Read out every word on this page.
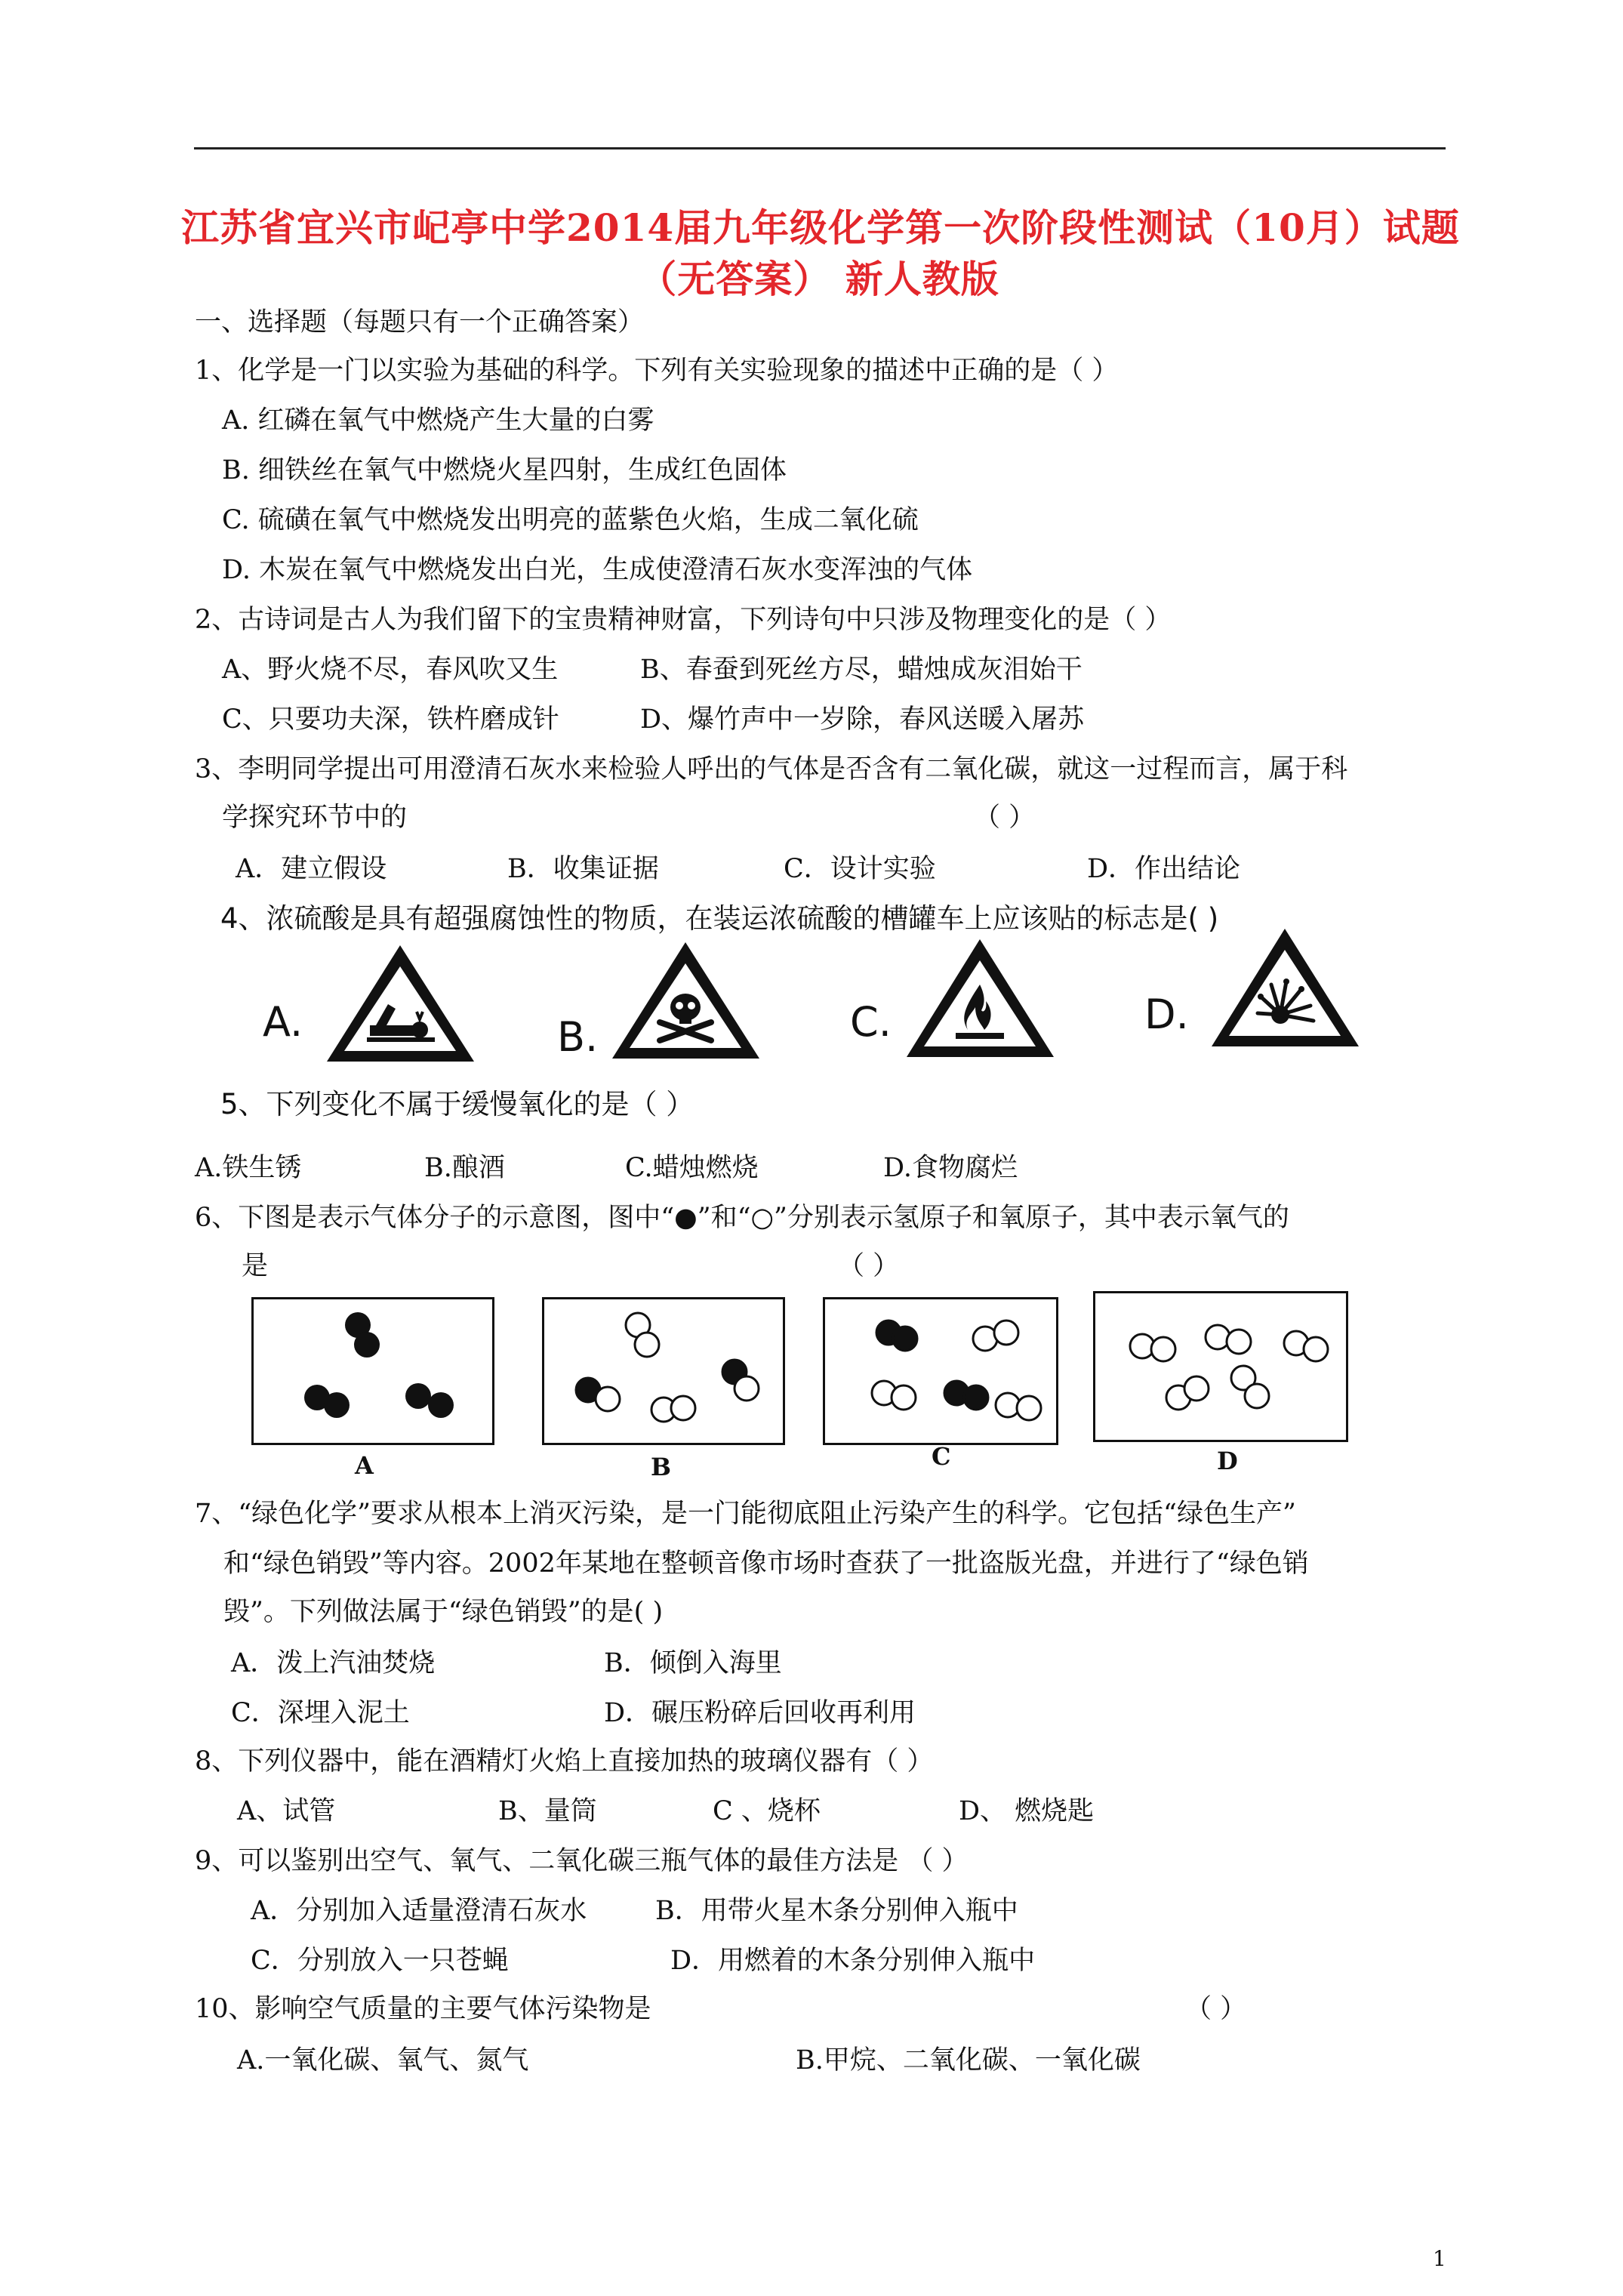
江苏省宜兴市屺亭中学2014届九年级化学第一次阶段性测试（10月）试题
（无答案） 新人教版
一、选择题（每题只有一个正确答案）
1、化学是一门以实验为基础的科学。下列有关实验现象的描述中正确的是（ ）
A. 红磷在氧气中燃烧产生大量的白雾
B. 细铁丝在氧气中燃烧火星四射，生成红色固体
C. 硫磺在氧气中燃烧发出明亮的蓝紫色火焰，生成二氧化硫
D. 木炭在氧气中燃烧发出白光，生成使澄清石灰水变浑浊的气体
2、古诗词是古人为我们留下的宝贵精神财富，下列诗句中只涉及物理变化的是（ ）
A、野火烧不尽，春风吹又生	B、春蚕到死丝方尽，蜡烛成灰泪始干
C、只要功夫深，铁杵磨成针	D、爆竹声中一岁除，春风送暖入屠苏
3、李明同学提出可用澄清石灰水来检验人呼出的气体是否含有二氧化碳，就这一过程而言，属于科
学探究环节中的	（ ）
A．建立假设	B．收集证据	C．设计实验	D．作出结论
4、浓硫酸是具有超强腐蚀性的物质，在装运浓硫酸的槽罐车上应该贴的标志是( )
A.	B.	C.	D.
5、下列变化不属于缓慢氧化的是（ ）
A.铁生锈	B.酿酒	C.蜡烛燃烧	D.食物腐烂
6、下图是表示气体分子的示意图，图中“●”和“○”分别表示氢原子和氧原子，其中表示氧气的
是	（ ）
A	B	C	D
7、“绿色化学”要求从根本上消灭污染，是一门能彻底阻止污染产生的科学。它包括“绿色生产”
和“绿色销毁”等内容。2002年某地在整顿音像市场时查获了一批盗版光盘，并进行了“绿色销
毁”。下列做法属于“绿色销毁”的是( )
A．泼上汽油焚烧	B．倾倒入海里
C．深埋入泥土	D．碾压粉碎后回收再利用
8、下列仪器中，能在酒精灯火焰上直接加热的玻璃仪器有（ ）
A、试管	B、量筒	C 、烧杯	D、 燃烧匙
9、可以鉴别出空气、氧气、二氧化碳三瓶气体的最佳方法是 （ ）
A．分别加入适量澄清石灰水	B．用带火星木条分别伸入瓶中
C．分别放入一只苍蝇	D．用燃着的木条分别伸入瓶中
10、影响空气质量的主要气体污染物是	（ ）
A.一氧化碳、氧气、氮气	B.甲烷、二氧化碳、一氧化碳
1
